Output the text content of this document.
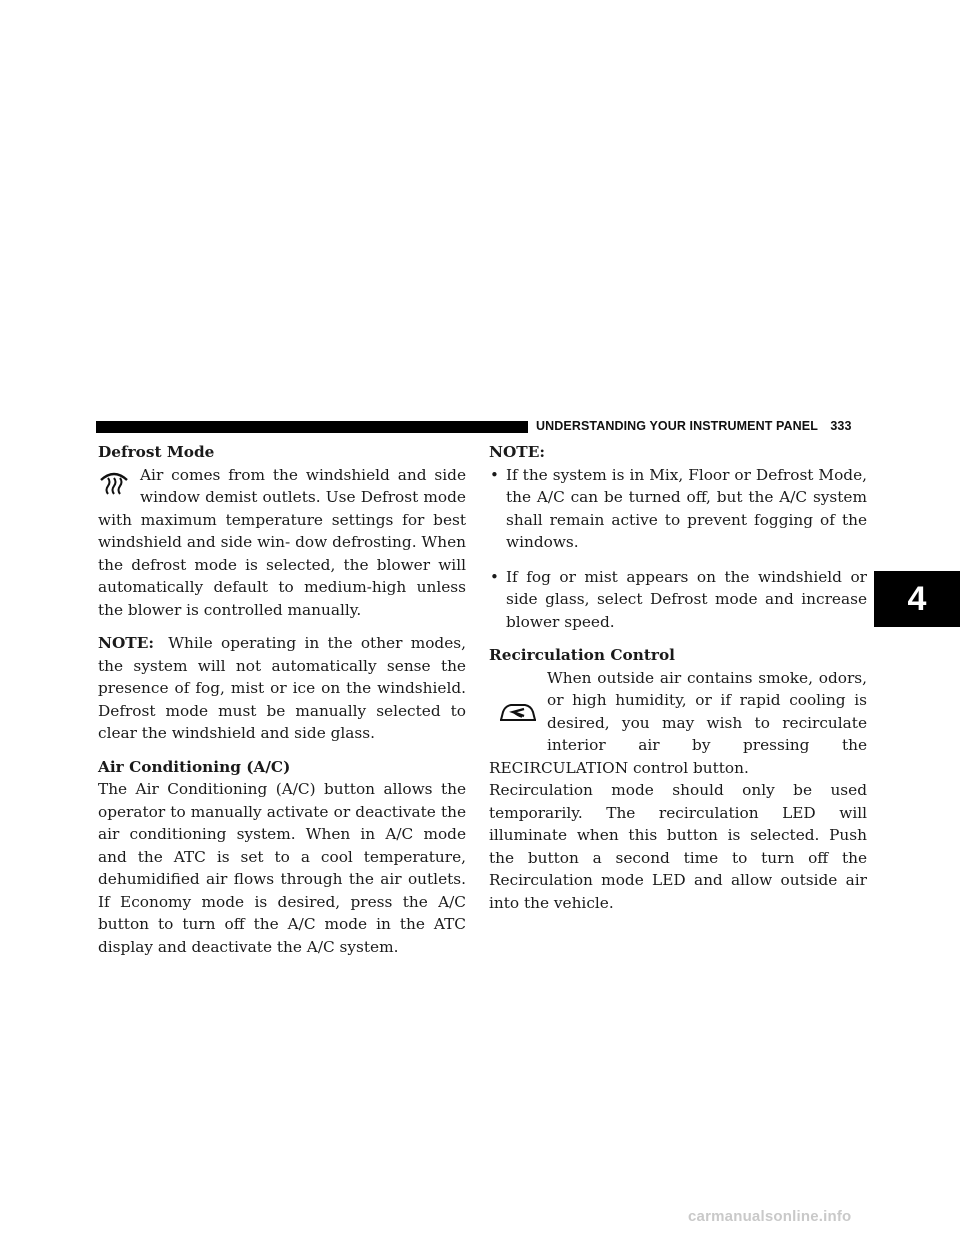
UNDERSTANDING YOUR INSTRUMENT PANEL 333
Defrost Mode

Air comes from the windshield and side window demist outlets. Use Defrost mode with maximum temperature settings for best windshield and side win- dow defrosting. When the defrost mode is selected, the blower will automatically default to medium-high unless the blower is controlled manually.

NOTE: While operating in the other modes, the system will not automatically sense the presence of fog, mist or ice on the windshield. Defrost mode must be manually selected to clear the windshield and side glass.

Air Conditioning (A/C)

The Air Conditioning (A/C) button allows the operator to manually activate or deactivate the air conditioning system. When in A/C mode and the ATC is set to a cool temperature, dehumidified air flows through the air outlets. If Economy mode is desired, press the A/C button to turn off the A/C mode in the ATC display and deactivate the A/C system.

NOTE:
• If the system is in Mix, Floor or Defrost Mode, the A/C can be turned off, but the A/C system shall remain active to prevent fogging of the windows.
• If fog or mist appears on the windshield or side glass, select Defrost mode and increase blower speed.
Recirculation Control

When outside air contains smoke, odors, or high humidity, or if rapid cooling is desired, you may wish to recirculate interior air by pressing the RECIRCULATION control button.

Recirculation mode should only be used temporarily. The recirculation LED will illuminate when this button is selected. Push the button a second time to turn off the Recirculation mode LED and allow outside air into the vehicle.

4
carmanualsonline.info
